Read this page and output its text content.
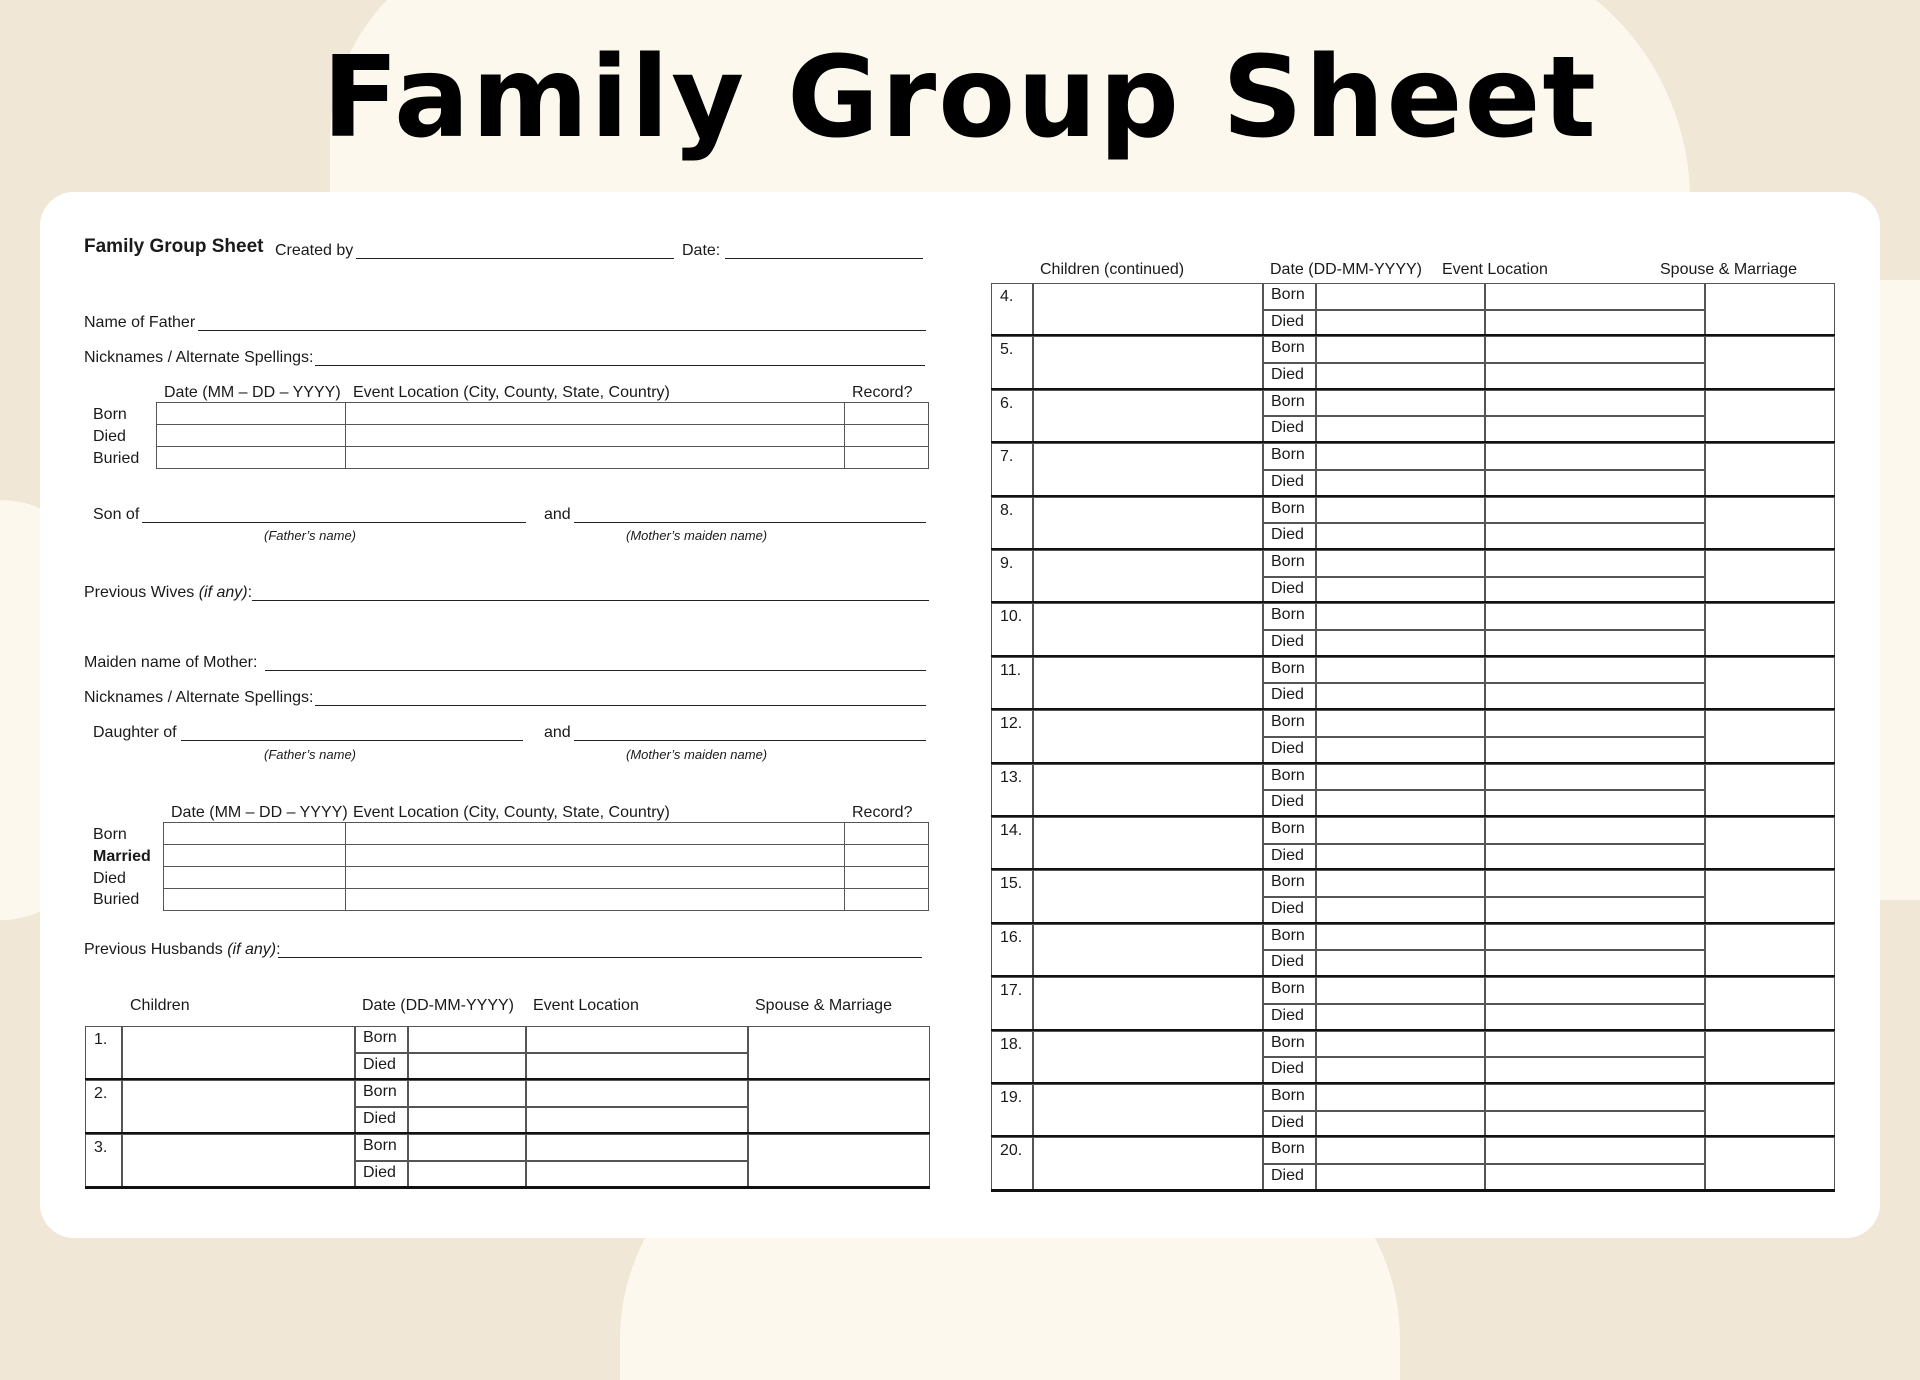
Family Group Sheet
Family Group Sheet Created by	Date:
Name of Father
Nicknames / Alternate Spellings:
Date (MM – DD – YYYY) Event Location (City, County, State, Country)	Record?
Born
Died
Buried

Son of	and
(Father’s name)	(Mother’s maiden name)
Previous Wives (if any):
Maiden name of Mother:
Nicknames / Alternate Spellings:
Daughter of	and
(Father’s name)	(Mother’s maiden name)
Date (MM – DD – YYYY) Event Location (City, County, State, Country)	Record?
Born
Married
Died
Buried

Previous Husbands (if any):
Children	Date (DD-MM-YYYY) Event Location	Spouse & Marriage
1.	Born
Died
2.	Born
Died
3.	Born
Died
Children (continued)	Date (DD-MM-YYYY) Event Location	Spouse & Marriage
4.	Born
Died
5.	Born
Died
6.	Born
Died
7.	Born
Died
8.	Born
Died
9.	Born
Died
10.	Born
Died
11.	Born
Died
12.	Born
Died
13.	Born
Died
14.	Born
Died
15.	Born
Died
16.	Born
Died
17.	Born
Died
18.	Born
Died
19.	Born
Died
20.	Born
Died
